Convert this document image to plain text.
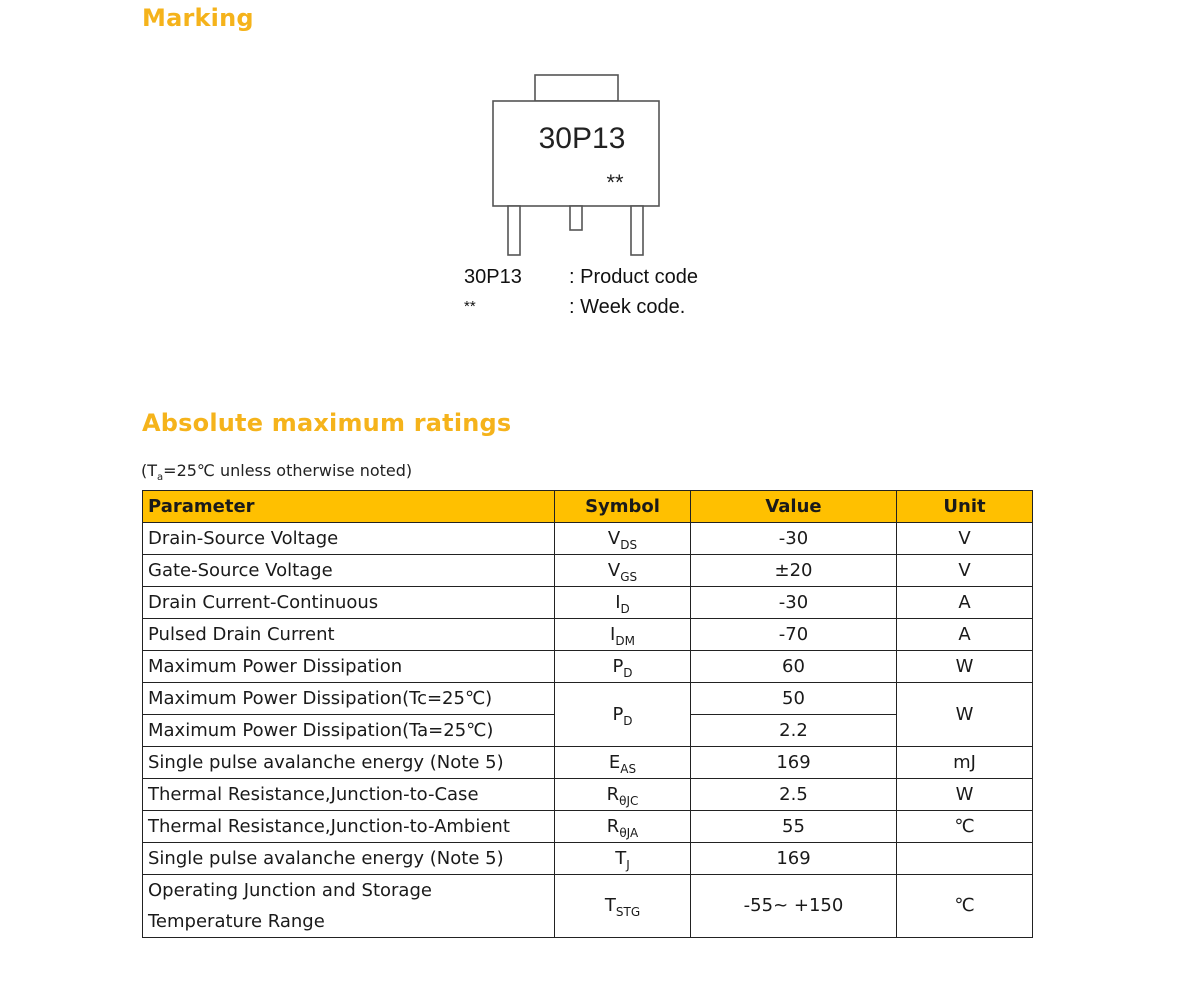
Marking
30P13
**
30P13 : Product code
**	: Week code.
Absolute maximum ratings
($T_a=25℃$ unless otherwise noted)
Parameter	Symbol	Value	Unit
Drain-Source Voltage	$V_{DS}$	-30	V
Gate-Source Voltage	$V_{GS}$	±20	V
Drain Current-Continuous	$I_D$	-30	A
Pulsed Drain Current	$I_{DM}$	-70	A
Maximum Power Dissipation	$P_D$	60	W
Maximum Power Dissipation(Tc=25℃)	$P_D$	50	W
Maximum Power Dissipation(Ta=25℃)		2.2	
Single pulse avalanche energy (Note 5)	$E_{AS}$	169	mJ
Thermal Resistance,Junction-to-Case	$R_{\theta JC}$	2.5	W
Thermal Resistance,Junction-to-Ambient	$R_{\theta JA}$	55	℃
Single pulse avalanche energy (Note 5)	$T_J$	169	
Operating Junction and Storage Temperature Range	$T_{STG}$	-55~ +150	℃
